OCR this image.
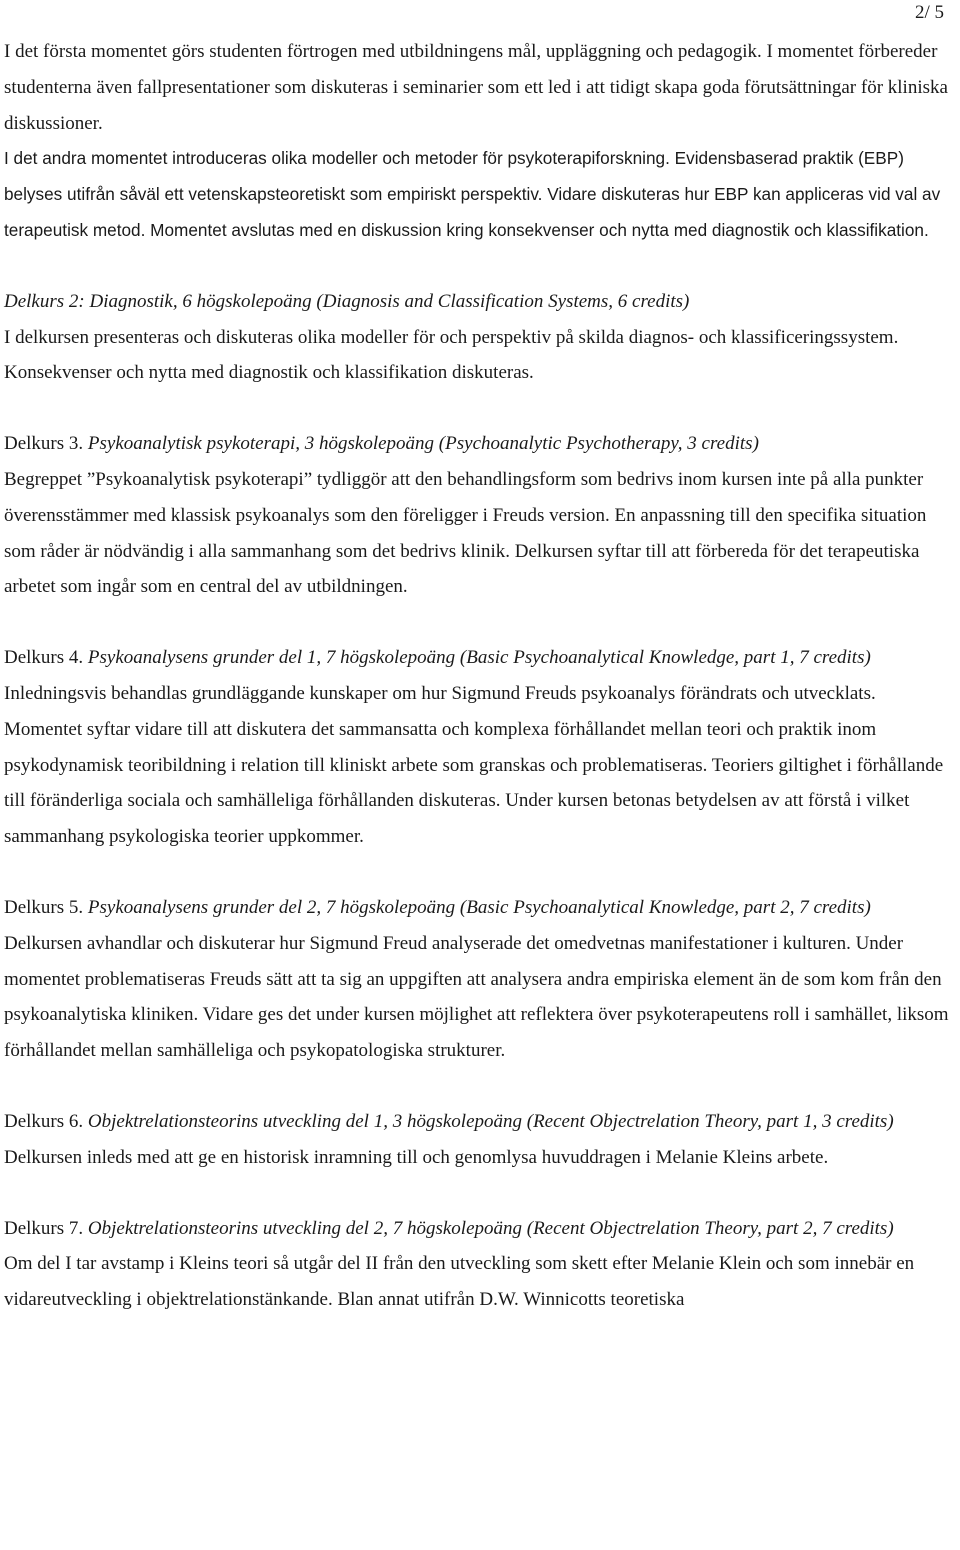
2/ 5

I det första momentet görs studenten förtrogen med utbildningens mål, uppläggning och pedagogik. I momentet förbereder studenterna även fallpresentationer som diskuteras i seminarier som ett led i att tidigt skapa goda förutsättningar för kliniska diskussioner.

I det andra momentet introduceras olika modeller och metoder för psykoterapiforskning. Evidensbaserad praktik (EBP) belyses utifrån såväl ett vetenskapsteoretiskt som empiriskt perspektiv. Vidare diskuteras hur EBP kan appliceras vid val av terapeutisk metod. Momentet avslutas med en diskussion kring konsekvenser och nytta med diagnostik och klassifikation.

Delkurs 2: Diagnostik, 6 högskolepoäng (Diagnosis and Classification Systems, 6 credits)

I delkursen presenteras och diskuteras olika modeller för och perspektiv på skilda diagnos- och klassificeringssystem. Konsekvenser och nytta med diagnostik och klassifikation diskuteras.

Delkurs 3. Psykoanalytisk psykoterapi, 3 högskolepoäng (Psychoanalytic Psychotherapy, 3 credits)

Begreppet ”Psykoanalytisk psykoterapi” tydliggör att den behandlingsform som bedrivs inom kursen inte på alla punkter överensstämmer med klassisk psykoanalys som den föreligger i Freuds version. En anpassning till den specifika situation som råder är nödvändig i alla sammanhang som det bedrivs klinik. Delkursen syftar till att förbereda för det terapeutiska arbetet som ingår som en central del av utbildningen.

Delkurs 4. Psykoanalysens grunder del 1, 7 högskolepoäng (Basic Psychoanalytical Knowledge, part 1, 7 credits)

Inledningsvis behandlas grundläggande kunskaper om hur Sigmund Freuds psykoanalys förändrats och utvecklats. Momentet syftar vidare till att diskutera det sammansatta och komplexa förhållandet mellan teori och praktik inom psykodynamisk teoribildning i relation till kliniskt arbete som granskas och problematiseras. Teoriers giltighet i förhållande till föränderliga sociala och samhälleliga förhållanden diskuteras. Under kursen betonas betydelsen av att förstå i vilket sammanhang psykologiska teorier uppkommer.

Delkurs 5. Psykoanalysens grunder del 2, 7 högskolepoäng (Basic Psychoanalytical Knowledge, part 2, 7 credits)

Delkursen avhandlar och diskuterar hur Sigmund Freud analyserade det omedvetnas manifestationer i kulturen. Under momentet problematiseras Freuds sätt att ta sig an uppgiften att analysera andra empiriska element än de som kom från den psykoanalytiska kliniken. Vidare ges det under kursen möjlighet att reflektera över psykoterapeutens roll i samhället, liksom förhållandet mellan samhälleliga och psykopatologiska strukturer.

Delkurs 6. Objektrelationsteorins utveckling del 1, 3 högskolepoäng (Recent Objectrelation Theory, part 1, 3 credits)

Delkursen inleds med att ge en historisk inramning till och genomlysa huvuddragen i Melanie Kleins arbete.

Delkurs 7. Objektrelationsteorins utveckling del 2, 7 högskolepoäng (Recent Objectrelation Theory, part 2, 7 credits)

Om del I tar avstamp i Kleins teori så utgår del II från den utveckling som skett efter Melanie Klein och som innebär en vidareutveckling i objektrelationstänkande. Blan annat utifrån D.W. Winnicotts teoretiska
